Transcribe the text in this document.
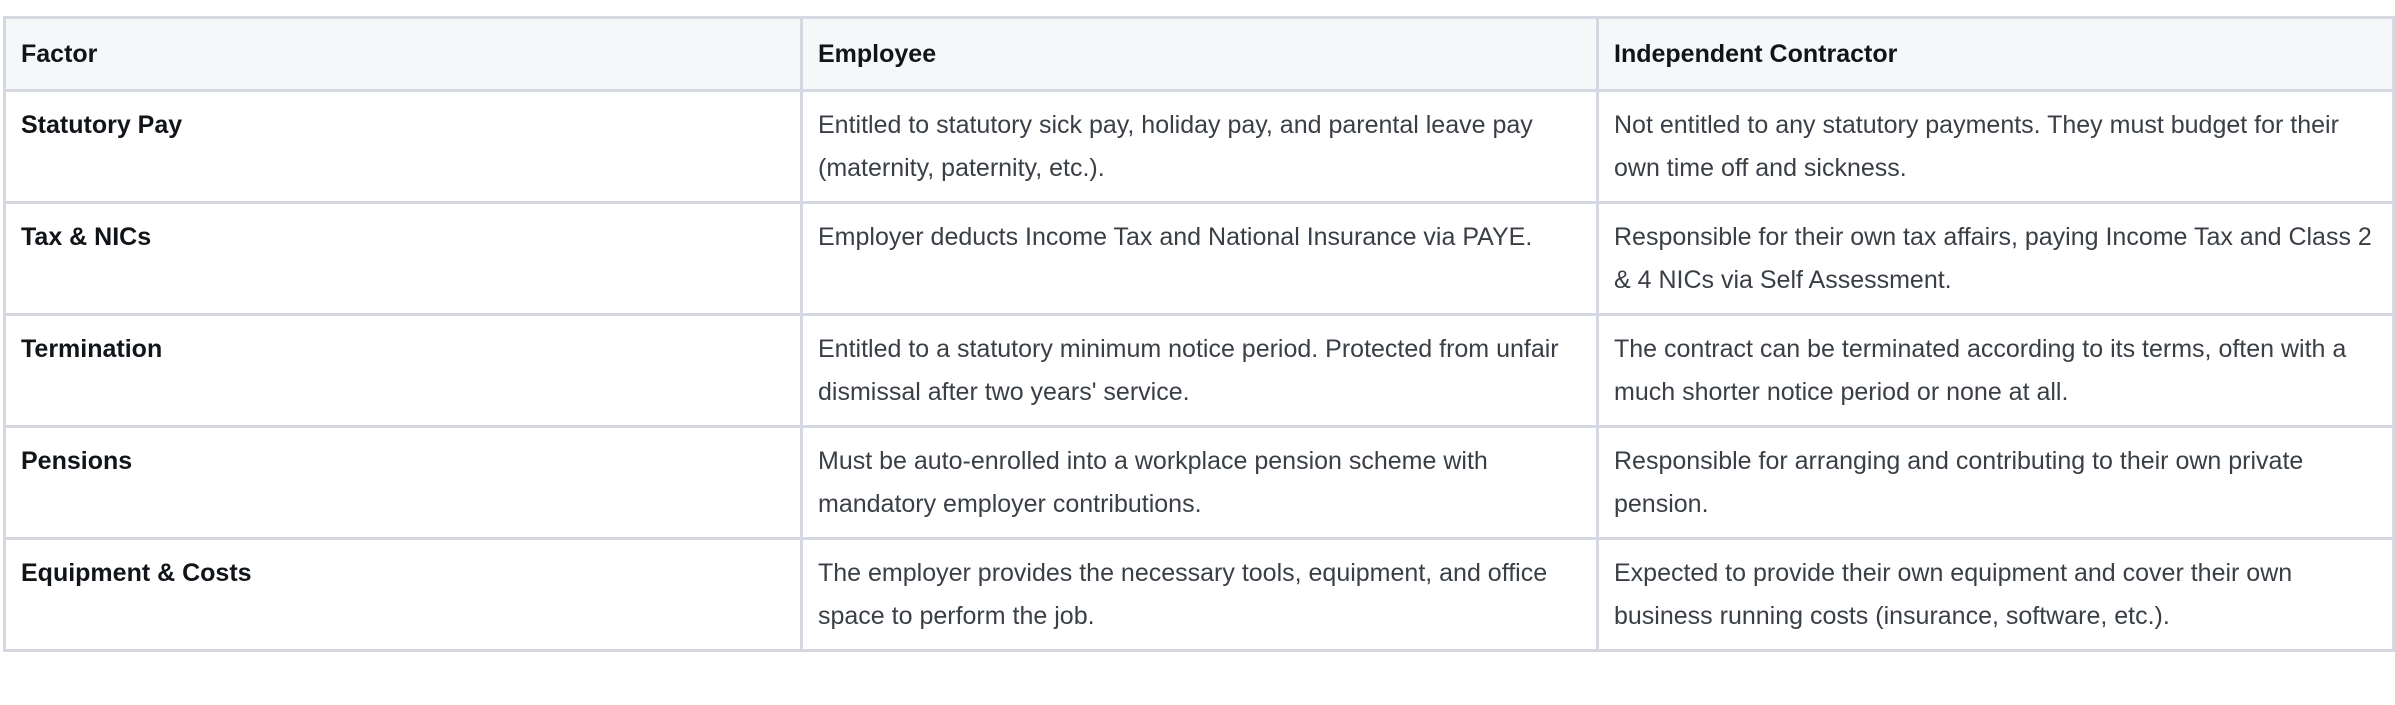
Factor	Employee	Independent Contractor
Statutory Pay	Entitled to statutory sick pay, holiday pay, and parental leave pay (maternity, paternity, etc.).	Not entitled to any statutory payments. They must budget for their own time off and sickness.
Tax & NICs	Employer deducts Income Tax and National Insurance via PAYE.	Responsible for their own tax affairs, paying Income Tax and Class 2 & 4 NICs via Self Assessment.
Termination	Entitled to a statutory minimum notice period. Protected from unfair dismissal after two years' service.	The contract can be terminated according to its terms, often with a much shorter notice period or none at all.
Pensions	Must be auto-enrolled into a workplace pension scheme with mandatory employer contributions.	Responsible for arranging and contributing to their own private pension.
Equipment & Costs	The employer provides the necessary tools, equipment, and office space to perform the job.	Expected to provide their own equipment and cover their own business running costs (insurance, software, etc.).
